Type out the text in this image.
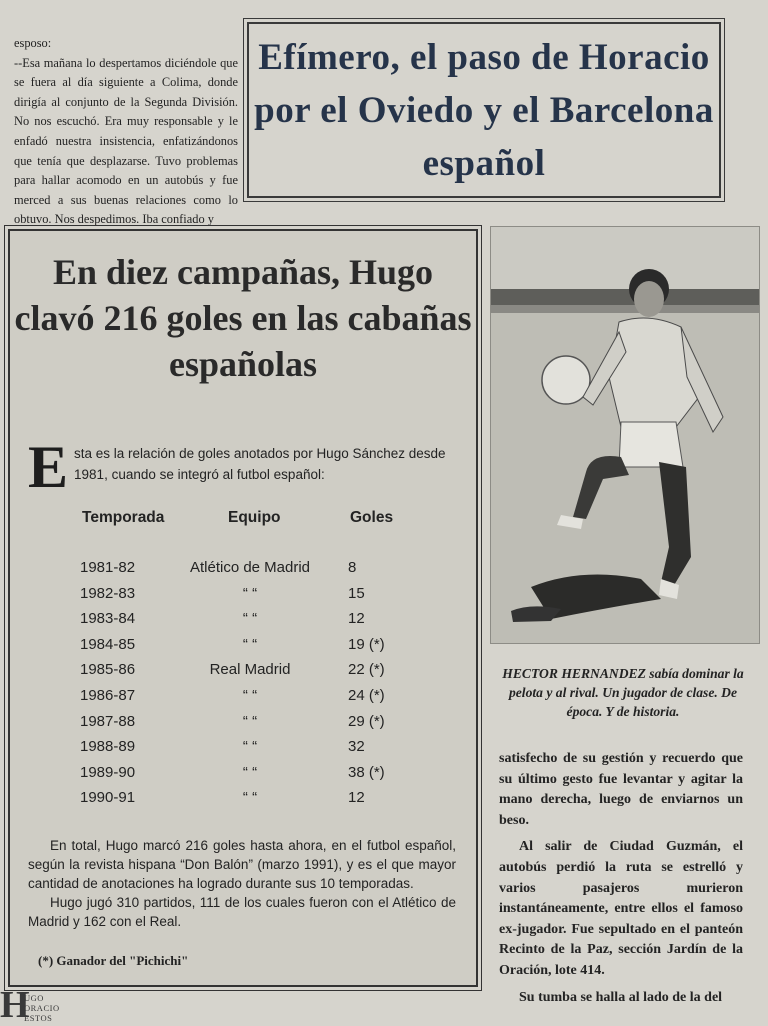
esposo:
--Esa mañana lo despertamos diciéndole que se fuera al día siguiente a Colima, donde dirigía al conjunto de la Segunda División. No nos escuchó. Era muy responsable y le enfadó nuestra insistencia, enfatizándonos que tenía que desplazarse. Tuvo problemas para hallar acomodo en un autobús y fue merced a sus buenas relaciones como lo obtuvo. Nos despedimos. Iba confiado y

Efímero, el paso de Horacio por el Oviedo y el Barcelona español
En diez campañas, Hugo clavó 216 goles en las cabañas españolas
Esta es la relación de goles anotados por Hugo Sánchez desde 1981, cuando se integró al futbol español:
Temporada	Equipo	Goles
1981-82	Atlético de Madrid	8
1982-83	“ “	15
1983-84	“ “	12
1984-85	“ “	19 (*)
1985-86	Real Madrid	22 (*)
1986-87	“ “	24 (*)
1987-88	“ “	29 (*)
1988-89	“ “	32
1989-90	“ “	38 (*)
1990-91	“ “	12

En total, Hugo marcó 216 goles hasta ahora, en el futbol español, según la revista hispana “Don Balón” (marzo 1991), y es el que mayor cantidad de anotaciones ha logrado durante sus 10 temporadas.

Hugo jugó 310 partidos, 111 de los cuales fueron con el Atlético de Madrid y 162 con el Real.

(*) Ganador del "Pichichi"
HECTOR HERNANDEZ sabía dominar la pelota y al rival. Un jugador de clase. De época. Y de historia.

satisfecho de su gestión y recuerdo que su último gesto fue levantar y agitar la mano derecha, luego de enviarnos un beso.

Al salir de Ciudad Guzmán, el autobús perdió la ruta se estrelló y varios pasajeros murieron instantáneamente, entre ellos el famoso ex-jugador. Fue sepultado en el panteón Recinto de la Paz, sección Jardín de la Oración, lote 414.

Su tumba se halla al lado de la del

H
UGO
ORACIO
ESTOS
